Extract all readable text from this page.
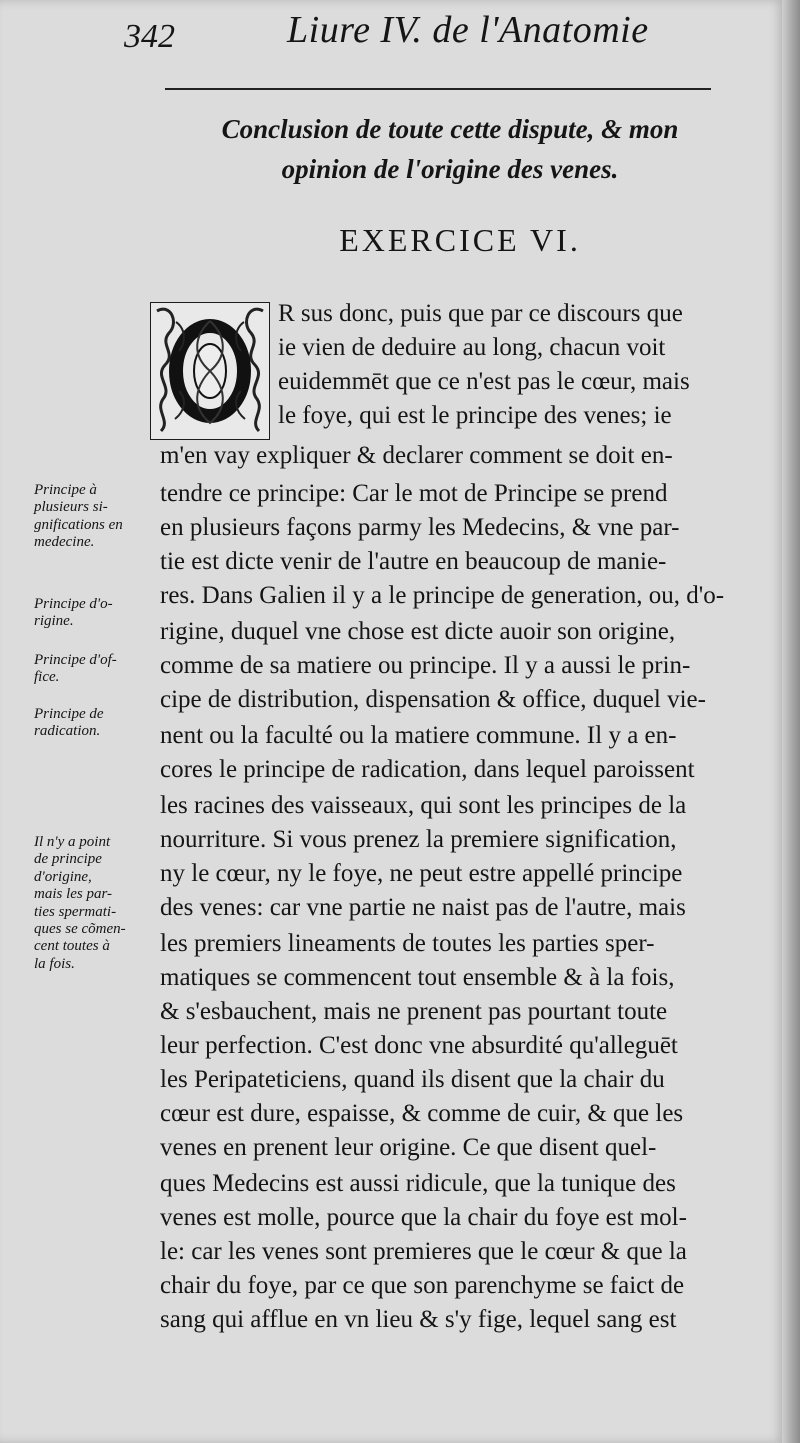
342	Liure IV. de l'Anatomie
Conclusion de toute cette dispute, & mon
opinion de l'origine des venes.
EXERCICE VI.
R sus donc, puis que par ce discours que
ie vien de deduire au long, chacun voit
euidemmēt que ce n'est pas le cœur, mais
le foye, qui est le principe des venes; ie
m'en vay expliquer & declarer comment se doit en-
tendre ce principe: Car le mot de Principe se prend
en plusieurs façons parmy les Medecins, & vne par-
tie est dicte venir de l'autre en beaucoup de manie-
res. Dans Galien il y a le principe de generation, ou, d'o-
rigine, duquel vne chose est dicte auoir son origine,
comme de sa matiere ou principe. Il y a aussi le prin-
cipe de distribution, dispensation & office, duquel vie-
nent ou la faculté ou la matiere commune. Il y a en-
cores le principe de radication, dans lequel paroissent
les racines des vaisseaux, qui sont les principes de la
nourriture. Si vous prenez la premiere signification,
ny le cœur, ny le foye, ne peut estre appellé principe
des venes: car vne partie ne naist pas de l'autre, mais
les premiers lineaments de toutes les parties sper-
matiques se commencent tout ensemble & à la fois,
& s'esbauchent, mais ne prenent pas pourtant toute
leur perfection. C'est donc vne absurdité qu'alleguēt
les Peripateticiens, quand ils disent que la chair du
cœur est dure, espaisse, & comme de cuir, & que les
venes en prenent leur origine. Ce que disent quel-
ques Medecins est aussi ridicule, que la tunique des
venes est molle, pource que la chair du foye est mol-
le: car les venes sont premieres que le cœur & que la
chair du foye, par ce que son parenchyme se faict de
sang qui afflue en vn lieu & s'y fige, lequel sang est
Principe à
plusieurs si-
gnifications en
medecine.
Principe d'o-
rigine.
Principe d'of-
fice.
Principe de
radication.
Il n'y a point
de principe
d'origine,
mais les par-
ties spermati-
ques se cõmen-
cent toutes à
la fois.
